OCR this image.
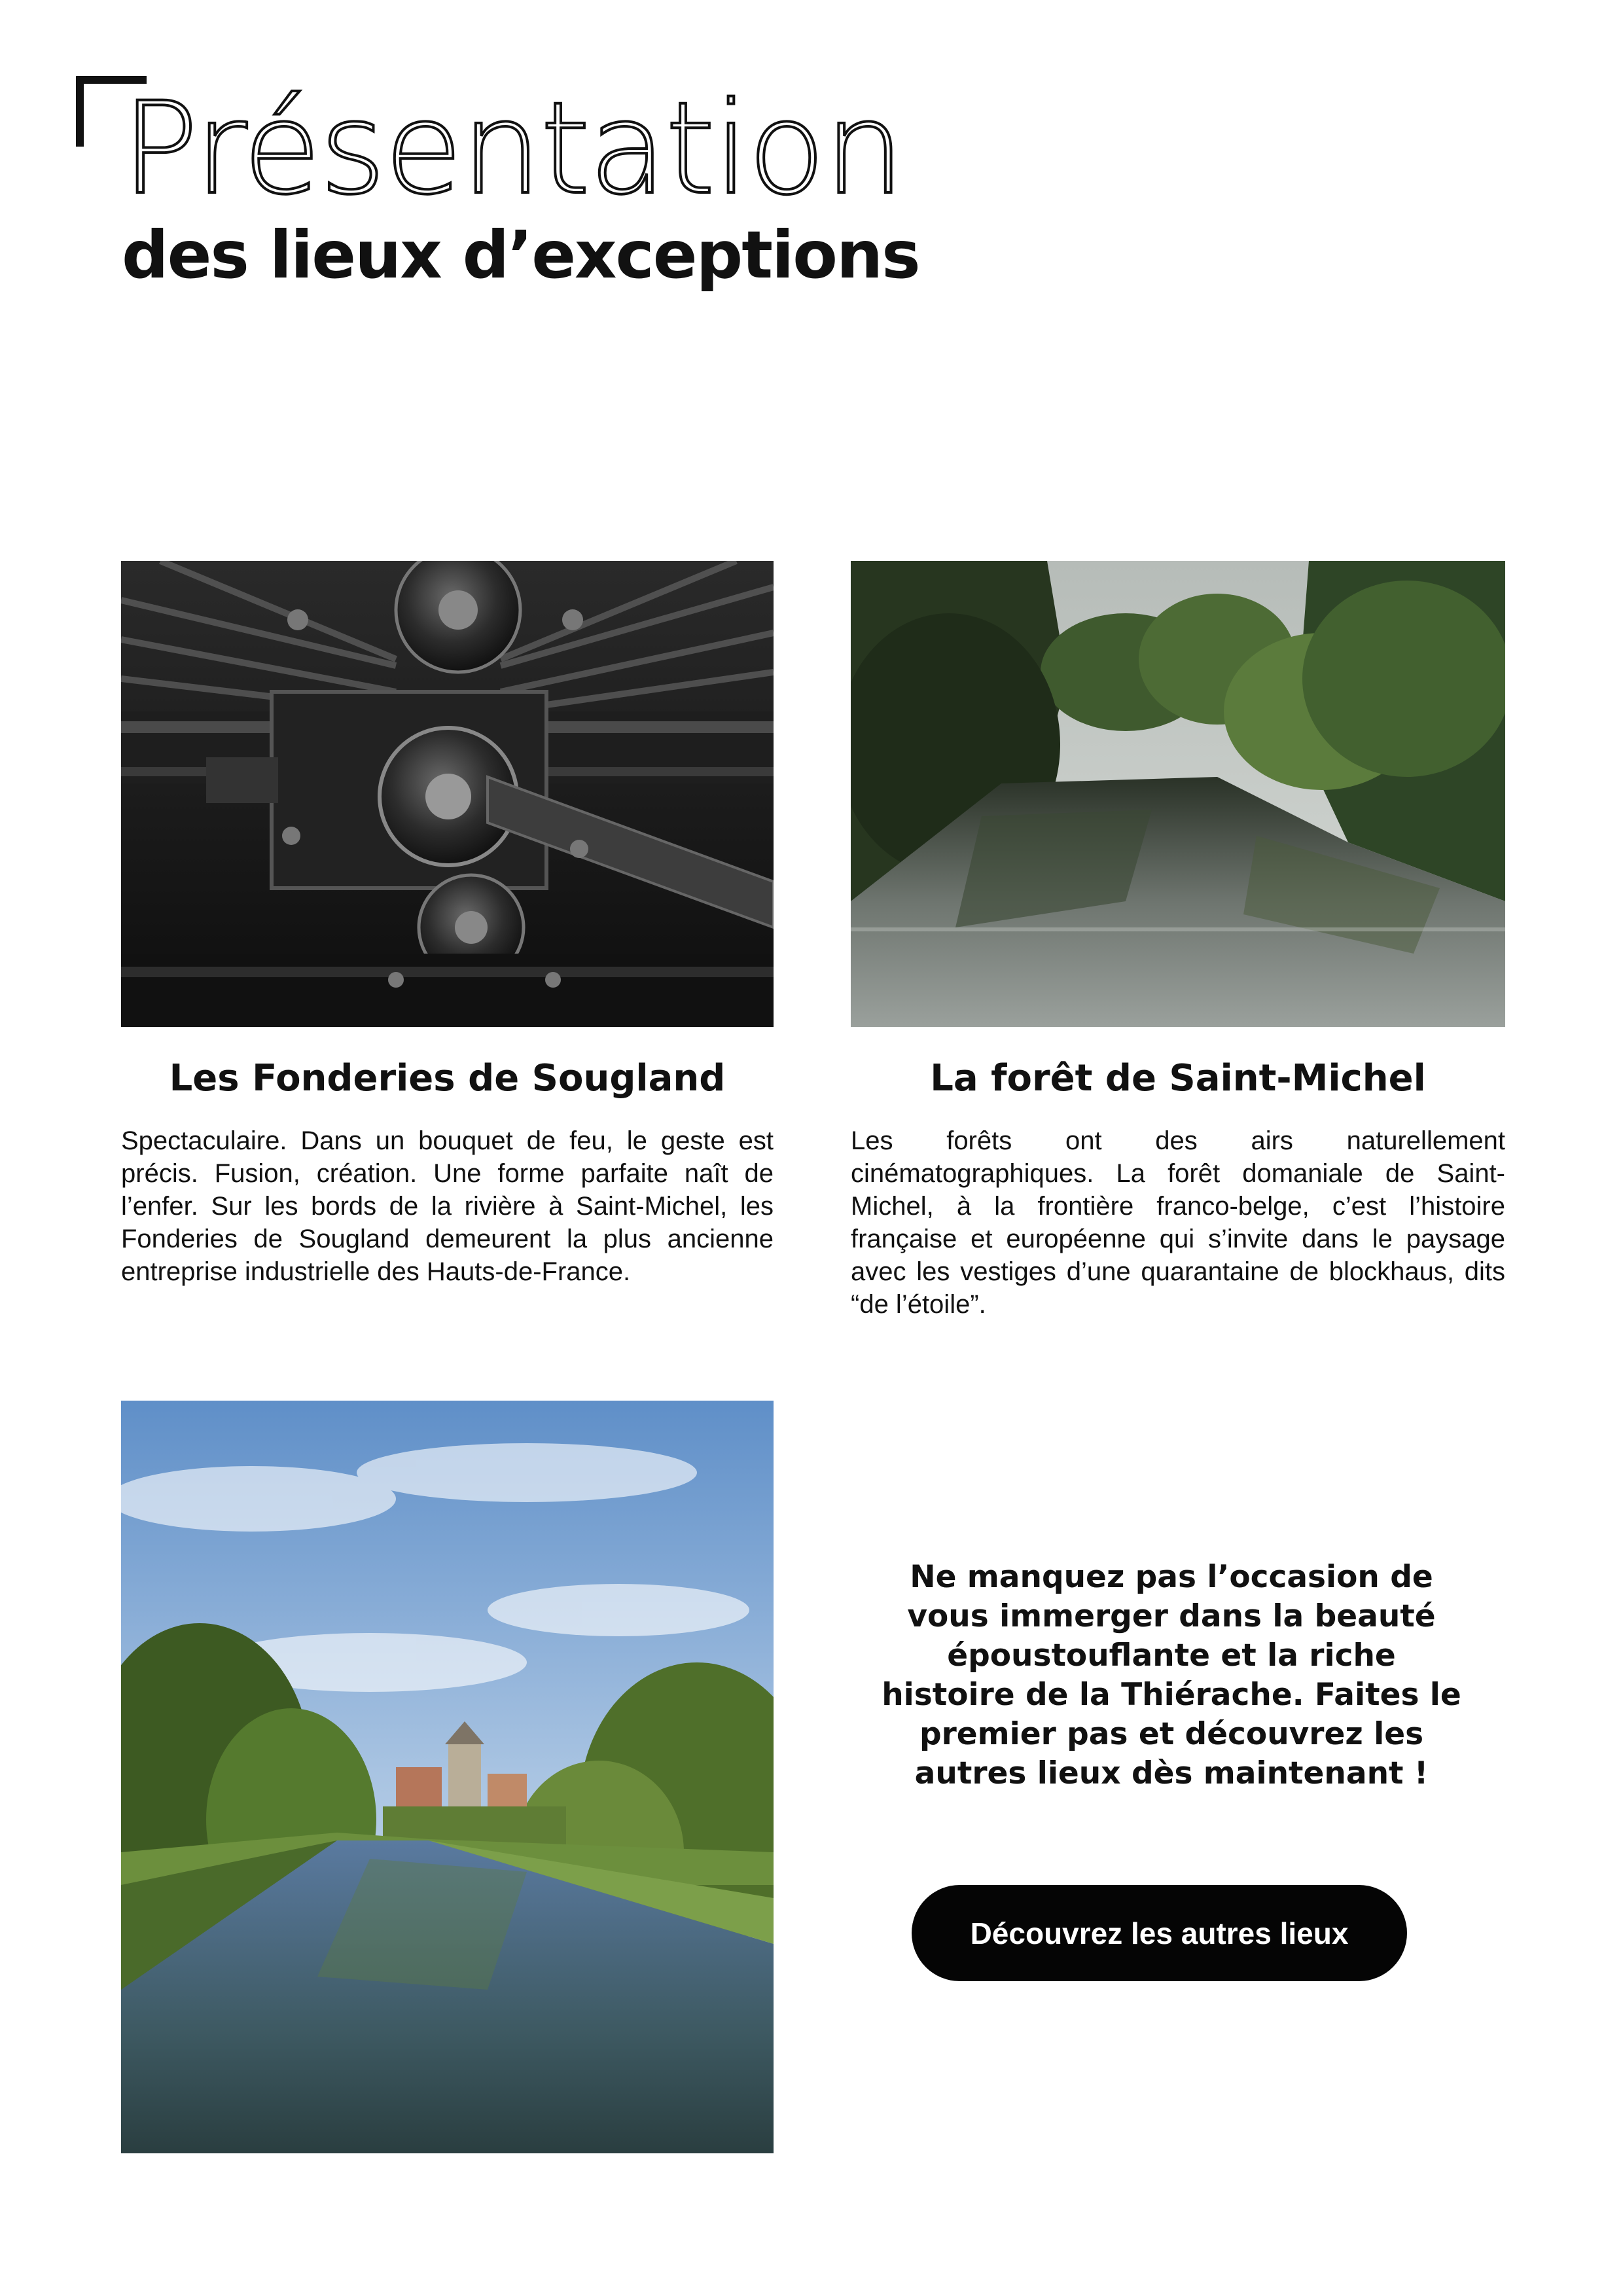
Présentation
des lieux d’exceptions
Les Fonderies de Sougland

Spectaculaire. Dans un bouquet de feu, le geste est précis. Fusion, création. Une forme parfaite naît de l’enfer. Sur les bords de la rivière à Saint-Michel, les Fonderies de Sougland demeurent la plus ancienne entreprise industrielle des Hauts-de-France.

La forêt de Saint-Michel

Les forêts ont des airs naturellement cinématographiques. La forêt domaniale de Saint-Michel, à la frontière franco-belge, c’est l’histoire française et européenne qui s’invite dans le paysage avec les vestiges d’une quarantaine de blockhaus, dits “de l’étoile”.

Ne manquez pas l’occasion de vous immerger dans la beauté époustouflante et la riche histoire de la Thiérache. Faites le premier pas et découvrez les autres lieux dès maintenant !

Découvrez les autres lieux
